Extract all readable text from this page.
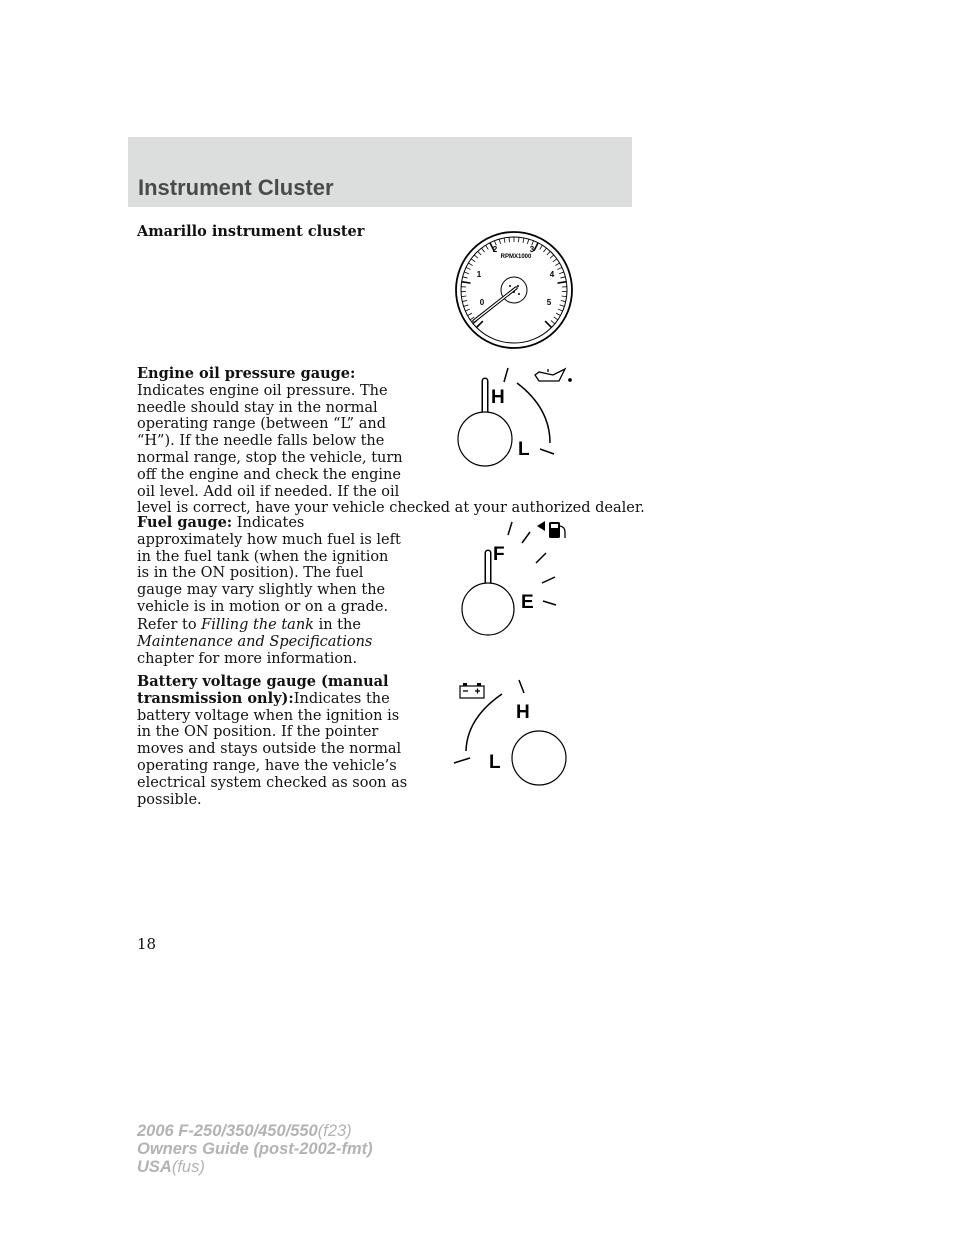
Instrument Cluster

Amarillo instrument cluster

RPMX1000
0
1
2	3
4
5
Engine oil pressure gauge:
Indicates engine oil pressure. The
needle should stay in the normal
operating range (between “L” and
“H”). If the needle falls below the
normal range, stop the vehicle, turn
off the engine and check the engine
oil level. Add oil if needed. If the oil
level is correct, have your vehicle checked at your authorized dealer.
H
L
Fuel gauge: Indicates
approximately how much fuel is left
in the fuel tank (when the ignition
is in the ON position). The fuel
gauge may vary slightly when the
vehicle is in motion or on a grade.
Refer to Filling the tank in the
Maintenance and Specifications
chapter for more information.
F
E
Battery voltage gauge (manual
transmission only):Indicates the
battery voltage when the ignition is
in the ON position. If the pointer
moves and stays outside the normal
operating range, have the vehicle’s
electrical system checked as soon as
possible.
H
L
18
2006 F-250/350/450/550(f23)
Owners Guide (post-2002-fmt)
USA(fus)
